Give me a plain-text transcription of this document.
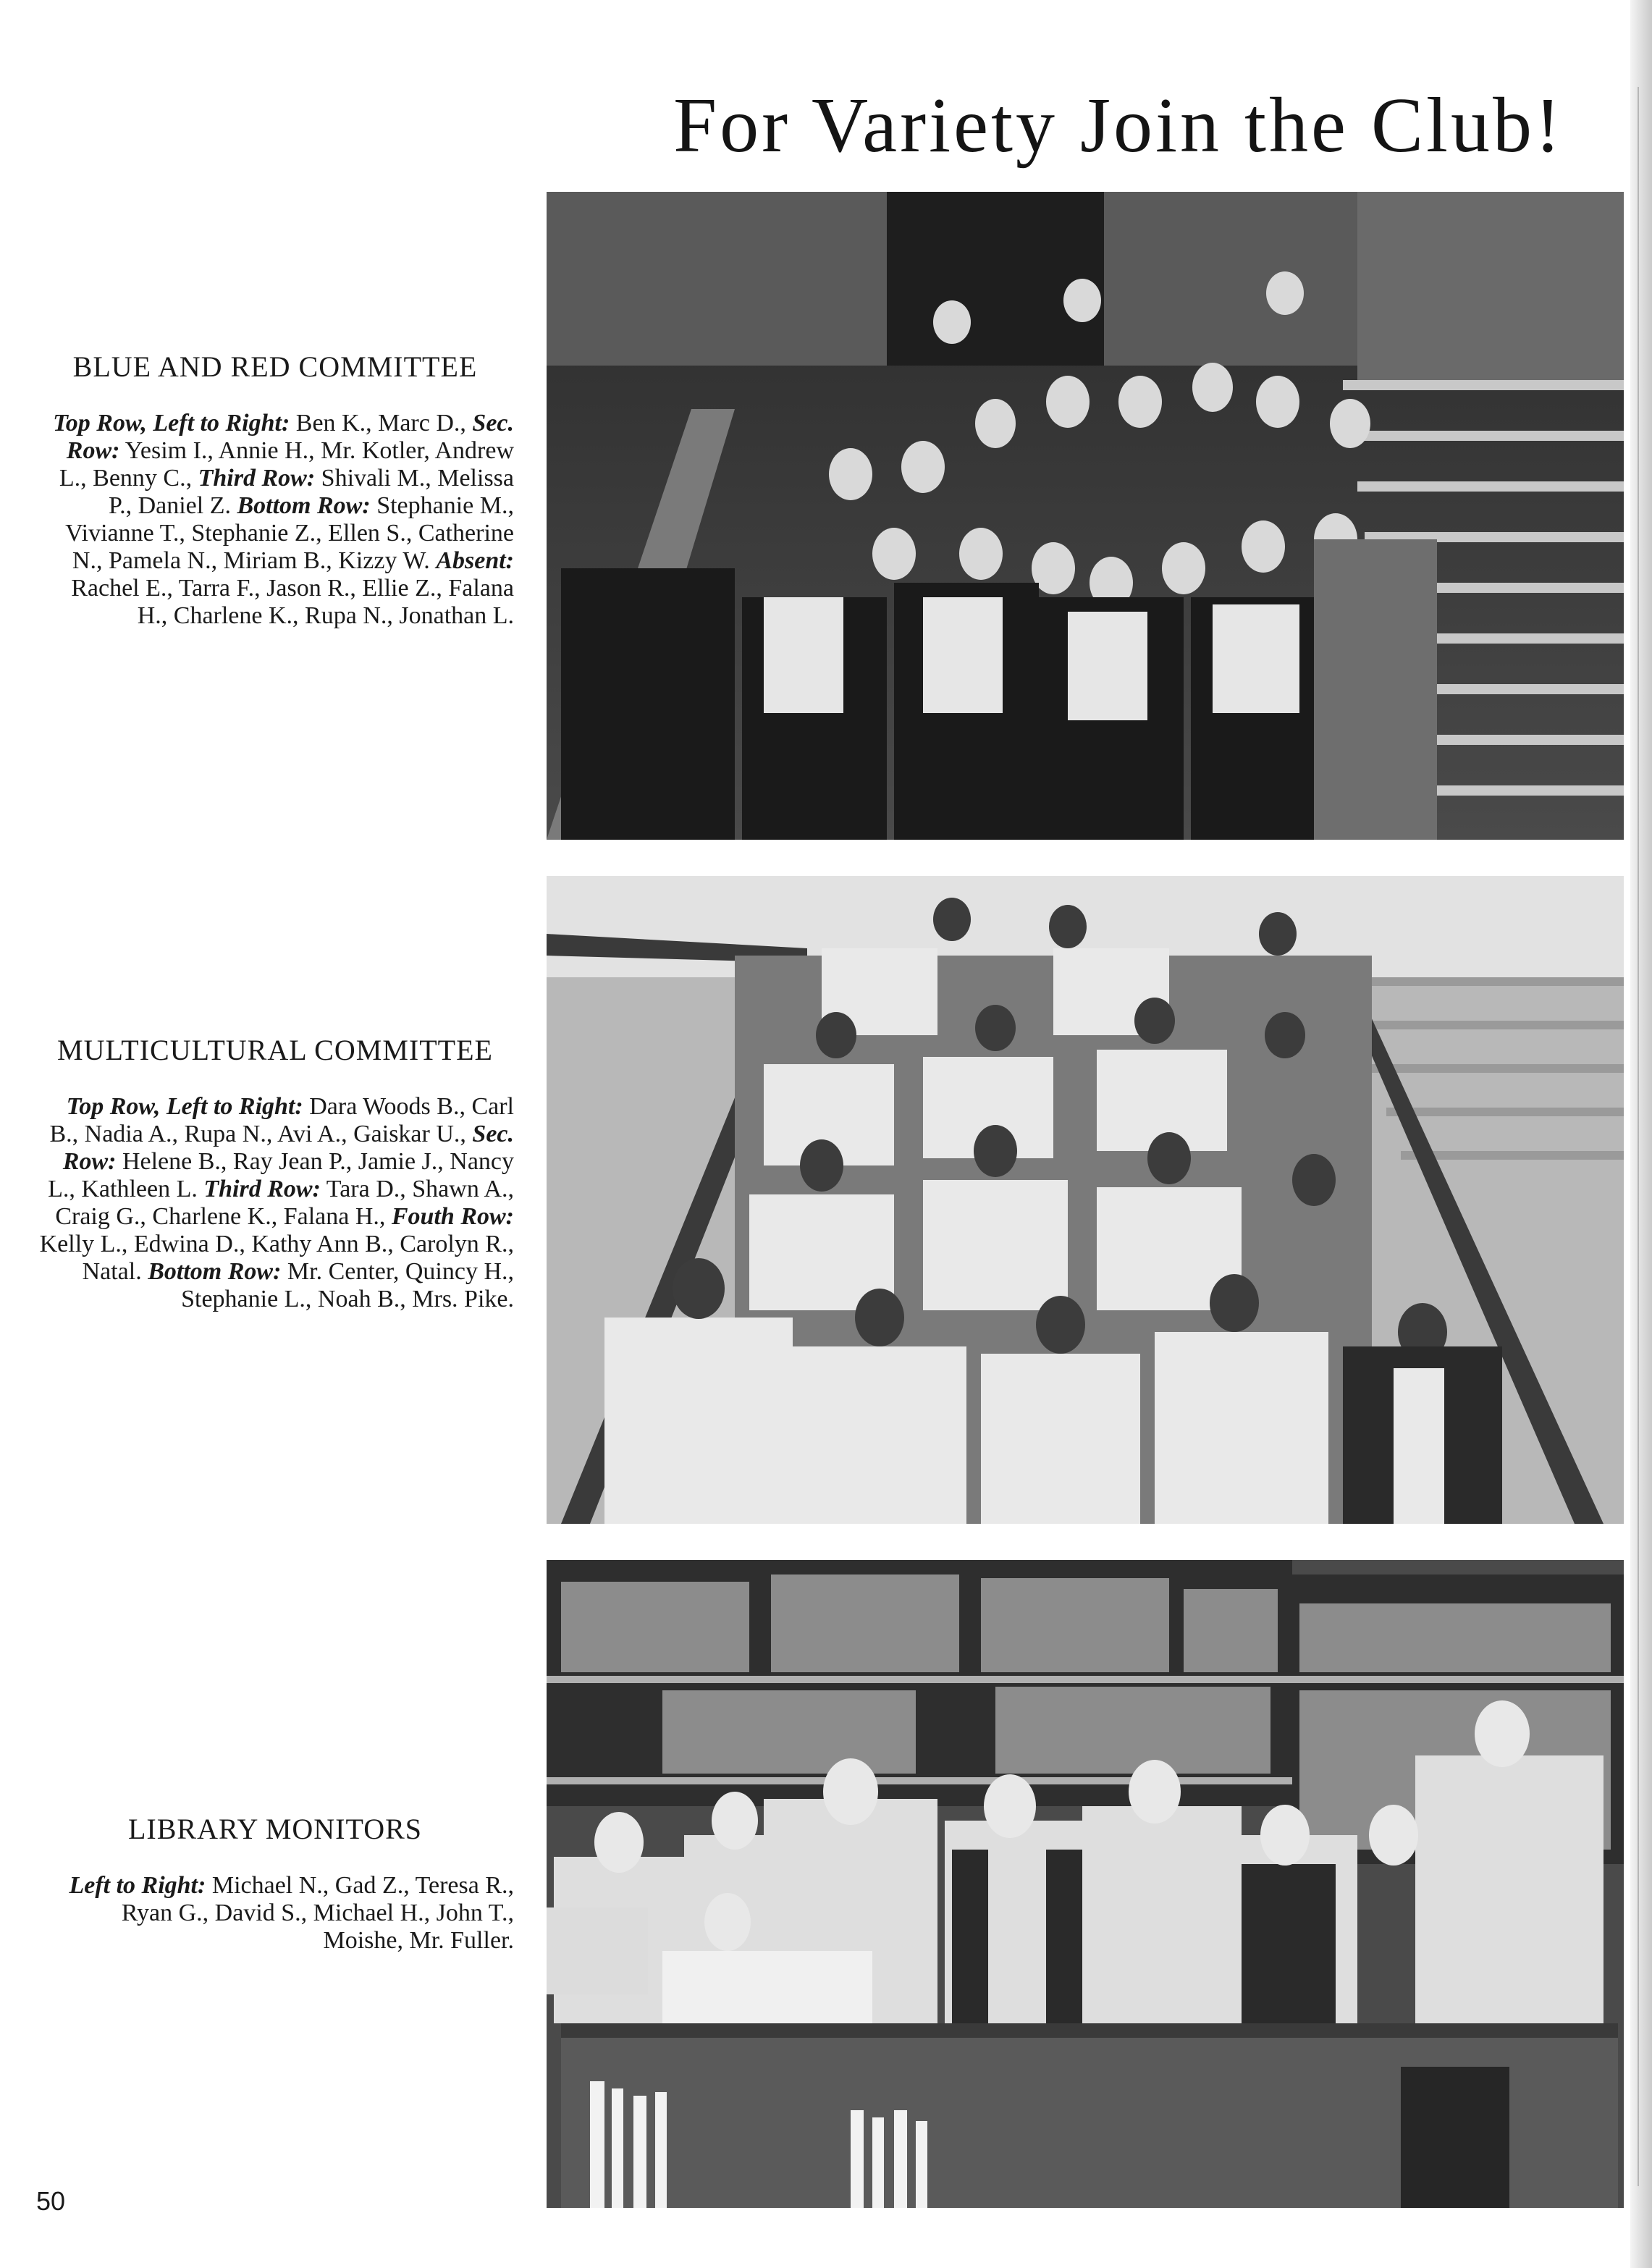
For Variety Join the Club!
BLUE AND RED COMMITTEE
Top Row, Left to Right: Ben K., Marc D., Sec. Row: Yesim I., Annie H., Mr. Kotler, Andrew L., Benny C., Third Row: Shivali M., Melissa P., Daniel Z. Bottom Row: Stephanie M., Vivianne T., Stephanie Z., Ellen S., Catherine N., Pamela N., Miriam B., Kizzy W. Absent: Rachel E., Tarra F., Jason R., Ellie Z., Falana H., Charlene K., Rupa N., Jonathan L.
MULTICULTURAL COMMITTEE
Top Row, Left to Right: Dara Woods B., Carl B., Nadia A., Rupa N., Avi A., Gaiskar U., Sec. Row: Helene B., Ray Jean P., Jamie J., Nancy L., Kathleen L. Third Row: Tara D., Shawn A., Craig G., Charlene K., Falana H., Fouth Row: Kelly L., Edwina D., Kathy Ann B., Carolyn R., Natal. Bottom Row: Mr. Center, Quincy H., Stephanie L., Noah B., Mrs. Pike.
LIBRARY MONITORS
Left to Right: Michael N., Gad Z., Teresa R., Ryan G., David S., Michael H., John T., Moishe, Mr. Fuller.
50
